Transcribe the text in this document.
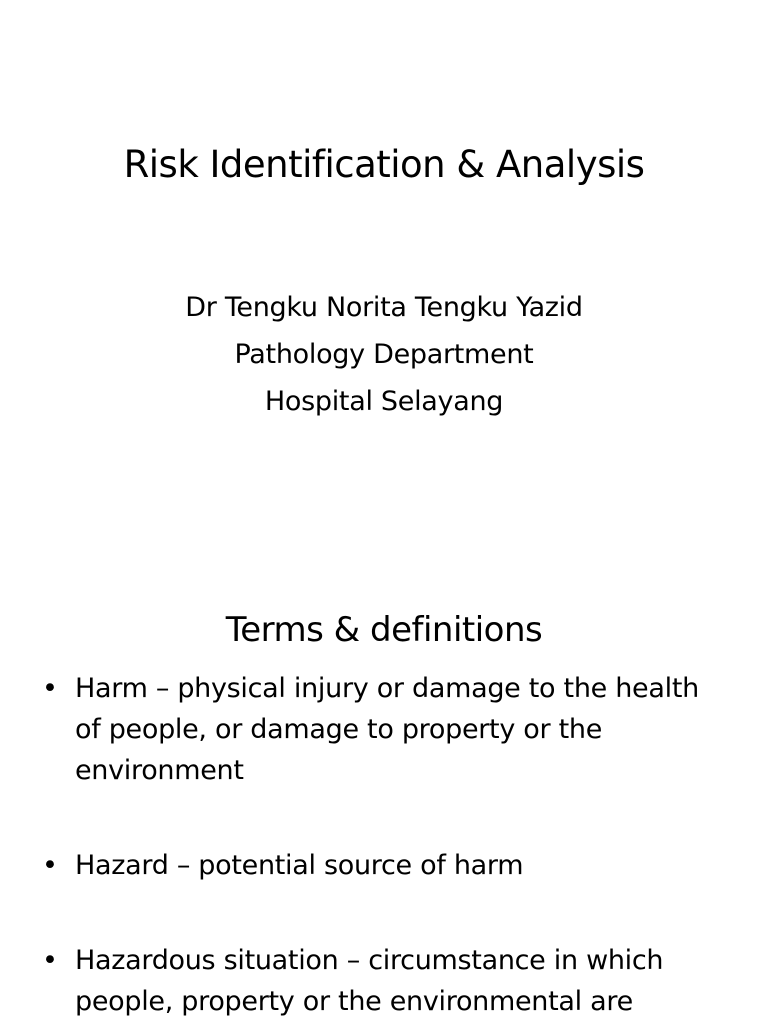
Risk Identification & Analysis
Dr Tengku Norita Tengku Yazid
Pathology Department
Hospital Selayang
Terms & definitions
• Harm – physical injury or damage to the health of people, or damage to property or the environment
• Hazard – potential source of harm
• Hazardous situation – circumstance in which people, property or the environmental are
